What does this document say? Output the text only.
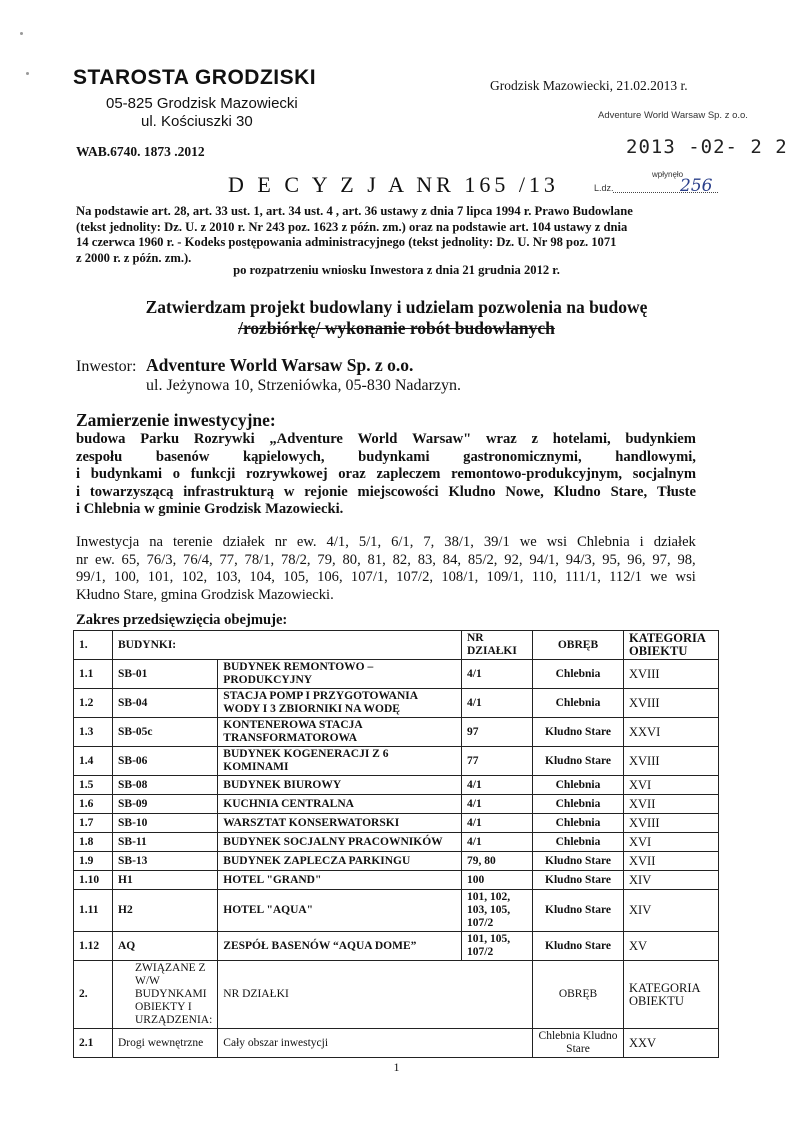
STAROSTA GRODZISKI
05-825 Grodzisk Mazowiecki
ul. Kościuszki 30
Grodzisk Mazowiecki, 21.02.2013 r.
WAB.6740. 1873 .2012
Adventure World Warsaw Sp. z o.o.
2013 -02- 2 2
wpłynęło
L.dz.	256
D E C Y Z J A NR 165 /13
Na podstawie art. 28, art. 33 ust. 1, art. 34 ust. 4 , art. 36 ustawy z dnia 7 lipca 1994 r. Prawo Budowlane
(tekst jednolity: Dz. U. z 2010 r. Nr 243 poz. 1623 z późn. zm.) oraz na podstawie art. 104 ustawy z dnia
14 czerwca 1960 r. - Kodeks postępowania administracyjnego (tekst jednolity: Dz. U. Nr 98 poz. 1071
z 2000 r. z późn. zm.).
po rozpatrzeniu wniosku Inwestora z dnia 21 grudnia 2012 r.
Zatwierdzam projekt budowlany i udzielam pozwolenia na budowę
/rozbiórkę/ wykonanie robót budowlanych
Inwestor: Adventure World Warsaw Sp. z o.o.
ul. Jeżynowa 10, Strzeniówka, 05-830 Nadarzyn.
Zamierzenie inwestycyjne:
budowa Parku Rozrywki „Adventure World Warsaw" wraz z hotelami, budynkiem
zespołu basenów kąpielowych, budynkami gastronomicznymi, handlowymi,
i budynkami o funkcji rozrywkowej oraz zapleczem remontowo-produkcyjnym, socjalnym
i towarzyszącą infrastrukturą w rejonie miejscowości Kludno Nowe, Kludno Stare, Tłuste
i Chlebnia w gminie Grodzisk Mazowiecki.
Inwestycja na terenie działek nr ew. 4/1, 5/1, 6/1, 7, 38/1, 39/1 we wsi Chlebnia i działek
nr ew. 65, 76/3, 76/4, 77, 78/1, 78/2, 79, 80, 81, 82, 83, 84, 85/2, 92, 94/1, 94/3, 95, 96, 97, 98,
99/1, 100, 101, 102, 103, 104, 105, 106, 107/1, 107/2, 108/1, 109/1, 110, 111/1, 112/1 we wsi
Kłudno Stare, gmina Grodzisk Mazowiecki.
Zakres przedsięwzięcia obejmuje:
1.	BUDYNKI:		NR DZIAŁKI	OBRĘB	KATEGORIA OBIEKTU
1.1	SB-01	BUDYNEK REMONTOWO – PRODUKCYJNY	4/1	Chlebnia	XVIII
1.2	SB-04	STACJA POMP I PRZYGOTOWANIA WODY I 3 ZBIORNIKI NA WODĘ	4/1	Chlebnia	XVIII
1.3	SB-05c	KONTENEROWA STACJA TRANSFORMATOROWA	97	Kludno Stare	XXVI
1.4	SB-06	BUDYNEK KOGENERACJI Z 6 KOMINAMI	77	Kludno Stare	XVIII
1.5	SB-08	BUDYNEK BIUROWY	4/1	Chlebnia	XVI
1.6	SB-09	KUCHNIA CENTRALNA	4/1	Chlebnia	XVII
1.7	SB-10	WARSZTAT KONSERWATORSKI	4/1	Chlebnia	XVIII
1.8	SB-11	BUDYNEK SOCJALNY PRACOWNIKÓW	4/1	Chlebnia	XVI
1.9	SB-13	BUDYNEK ZAPLECZA PARKINGU	79, 80	Kludno Stare	XVII
1.10	H1	HOTEL "GRAND"	100	Kludno Stare	XIV
1.11	H2	HOTEL "AQUA"	101, 102, 103, 105, 107/2	Kludno Stare	XIV
1.12	AQ	ZESPÓŁ BASENÓW “AQUA DOME”	101, 105, 107/2	Kludno Stare	XV
2.	ZWIĄZANE Z W/W BUDYNKAMI OBIEKTY I URZĄDZENIA:	NR DZIAŁKI		OBRĘB	KATEGORIA OBIEKTU
2.1	Drogi wewnętrzne	Cały obszar inwestycji		Chlebnia Kludno Stare	XXV
1
